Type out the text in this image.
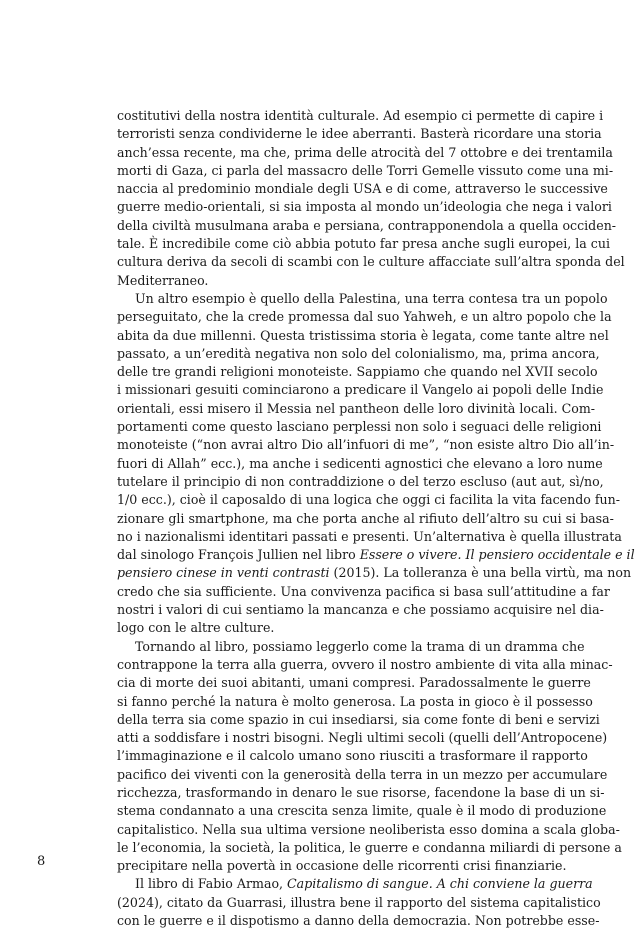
costitutivi della nostra identità culturale. Ad esempio ci permette di capire i
terroristi senza condividerne le idee aberranti. Basterà ricordare una storia
anch’essa recente, ma che, prima delle atrocità del 7 ottobre e dei trentamila
morti di Gaza, ci parla del massacro delle Torri Gemelle vissuto come una mi-
naccia al predominio mondiale degli USA e di come, attraverso le successive
guerre medio-orientali, si sia imposta al mondo un’ideologia che nega i valori
della civiltà musulmana araba e persiana, contrapponendola a quella occiden-
tale. È incredibile come ciò abbia potuto far presa anche sugli europei, la cui
cultura deriva da secoli di scambi con le culture affacciate sull’altra sponda del
Mediterraneo.
Un altro esempio è quello della Palestina, una terra contesa tra un popolo
perseguitato, che la crede promessa dal suo Yahweh, e un altro popolo che la
abita da due millenni. Questa tristissima storia è legata, come tante altre nel
passato, a un’eredità negativa non solo del colonialismo, ma, prima ancora,
delle tre grandi religioni monoteiste. Sappiamo che quando nel XVII secolo
i missionari gesuiti cominciarono a predicare il Vangelo ai popoli delle Indie
orientali, essi misero il Messia nel pantheon delle loro divinità locali. Com-
portamenti come questo lasciano perplessi non solo i seguaci delle religioni
monoteiste (“non avrai altro Dio all’infuori di me”, “non esiste altro Dio all’in-
fuori di Allah” ecc.), ma anche i sedicenti agnostici che elevano a loro nume
tutelare il principio di non contraddizione o del terzo escluso (aut aut, sì/no,
1/0 ecc.), cioè il caposaldo di una logica che oggi ci facilita la vita facendo fun-
zionare gli smartphone, ma che porta anche al rifiuto dell’altro su cui si basa-
no i nazionalismi identitari passati e presenti. Un’alternativa è quella illustrata
dal sinologo François Jullien nel libro Essere o vivere. Il pensiero occidentale e il
pensiero cinese in venti contrasti (2015). La tolleranza è una bella virtù, ma non
credo che sia sufficiente. Una convivenza pacifica si basa sull’attitudine a far
nostri i valori di cui sentiamo la mancanza e che possiamo acquisire nel dia-
logo con le altre culture.
Tornando al libro, possiamo leggerlo come la trama di un dramma che
contrappone la terra alla guerra, ovvero il nostro ambiente di vita alla minac-
cia di morte dei suoi abitanti, umani compresi. Paradossalmente le guerre
si fanno perché la natura è molto generosa. La posta in gioco è il possesso
della terra sia come spazio in cui insediarsi, sia come fonte di beni e servizi
atti a soddisfare i nostri bisogni. Negli ultimi secoli (quelli dell’Antropocene)
l’immaginazione e il calcolo umano sono riusciti a trasformare il rapporto
pacifico dei viventi con la generosità della terra in un mezzo per accumulare
ricchezza, trasformando in denaro le sue risorse, facendone la base di un si-
stema condannato a una crescita senza limite, quale è il modo di produzione
capitalistico. Nella sua ultima versione neoliberista esso domina a scala globa-
le l’economia, la società, la politica, le guerre e condanna miliardi di persone a
precipitare nella povertà in occasione delle ricorrenti crisi finanziarie.
Il libro di Fabio Armao, Capitalismo di sangue. A chi conviene la guerra
(2024), citato da Guarrasi, illustra bene il rapporto del sistema capitalistico
con le guerre e il dispotismo a danno della democrazia. Non potrebbe esse-
8
